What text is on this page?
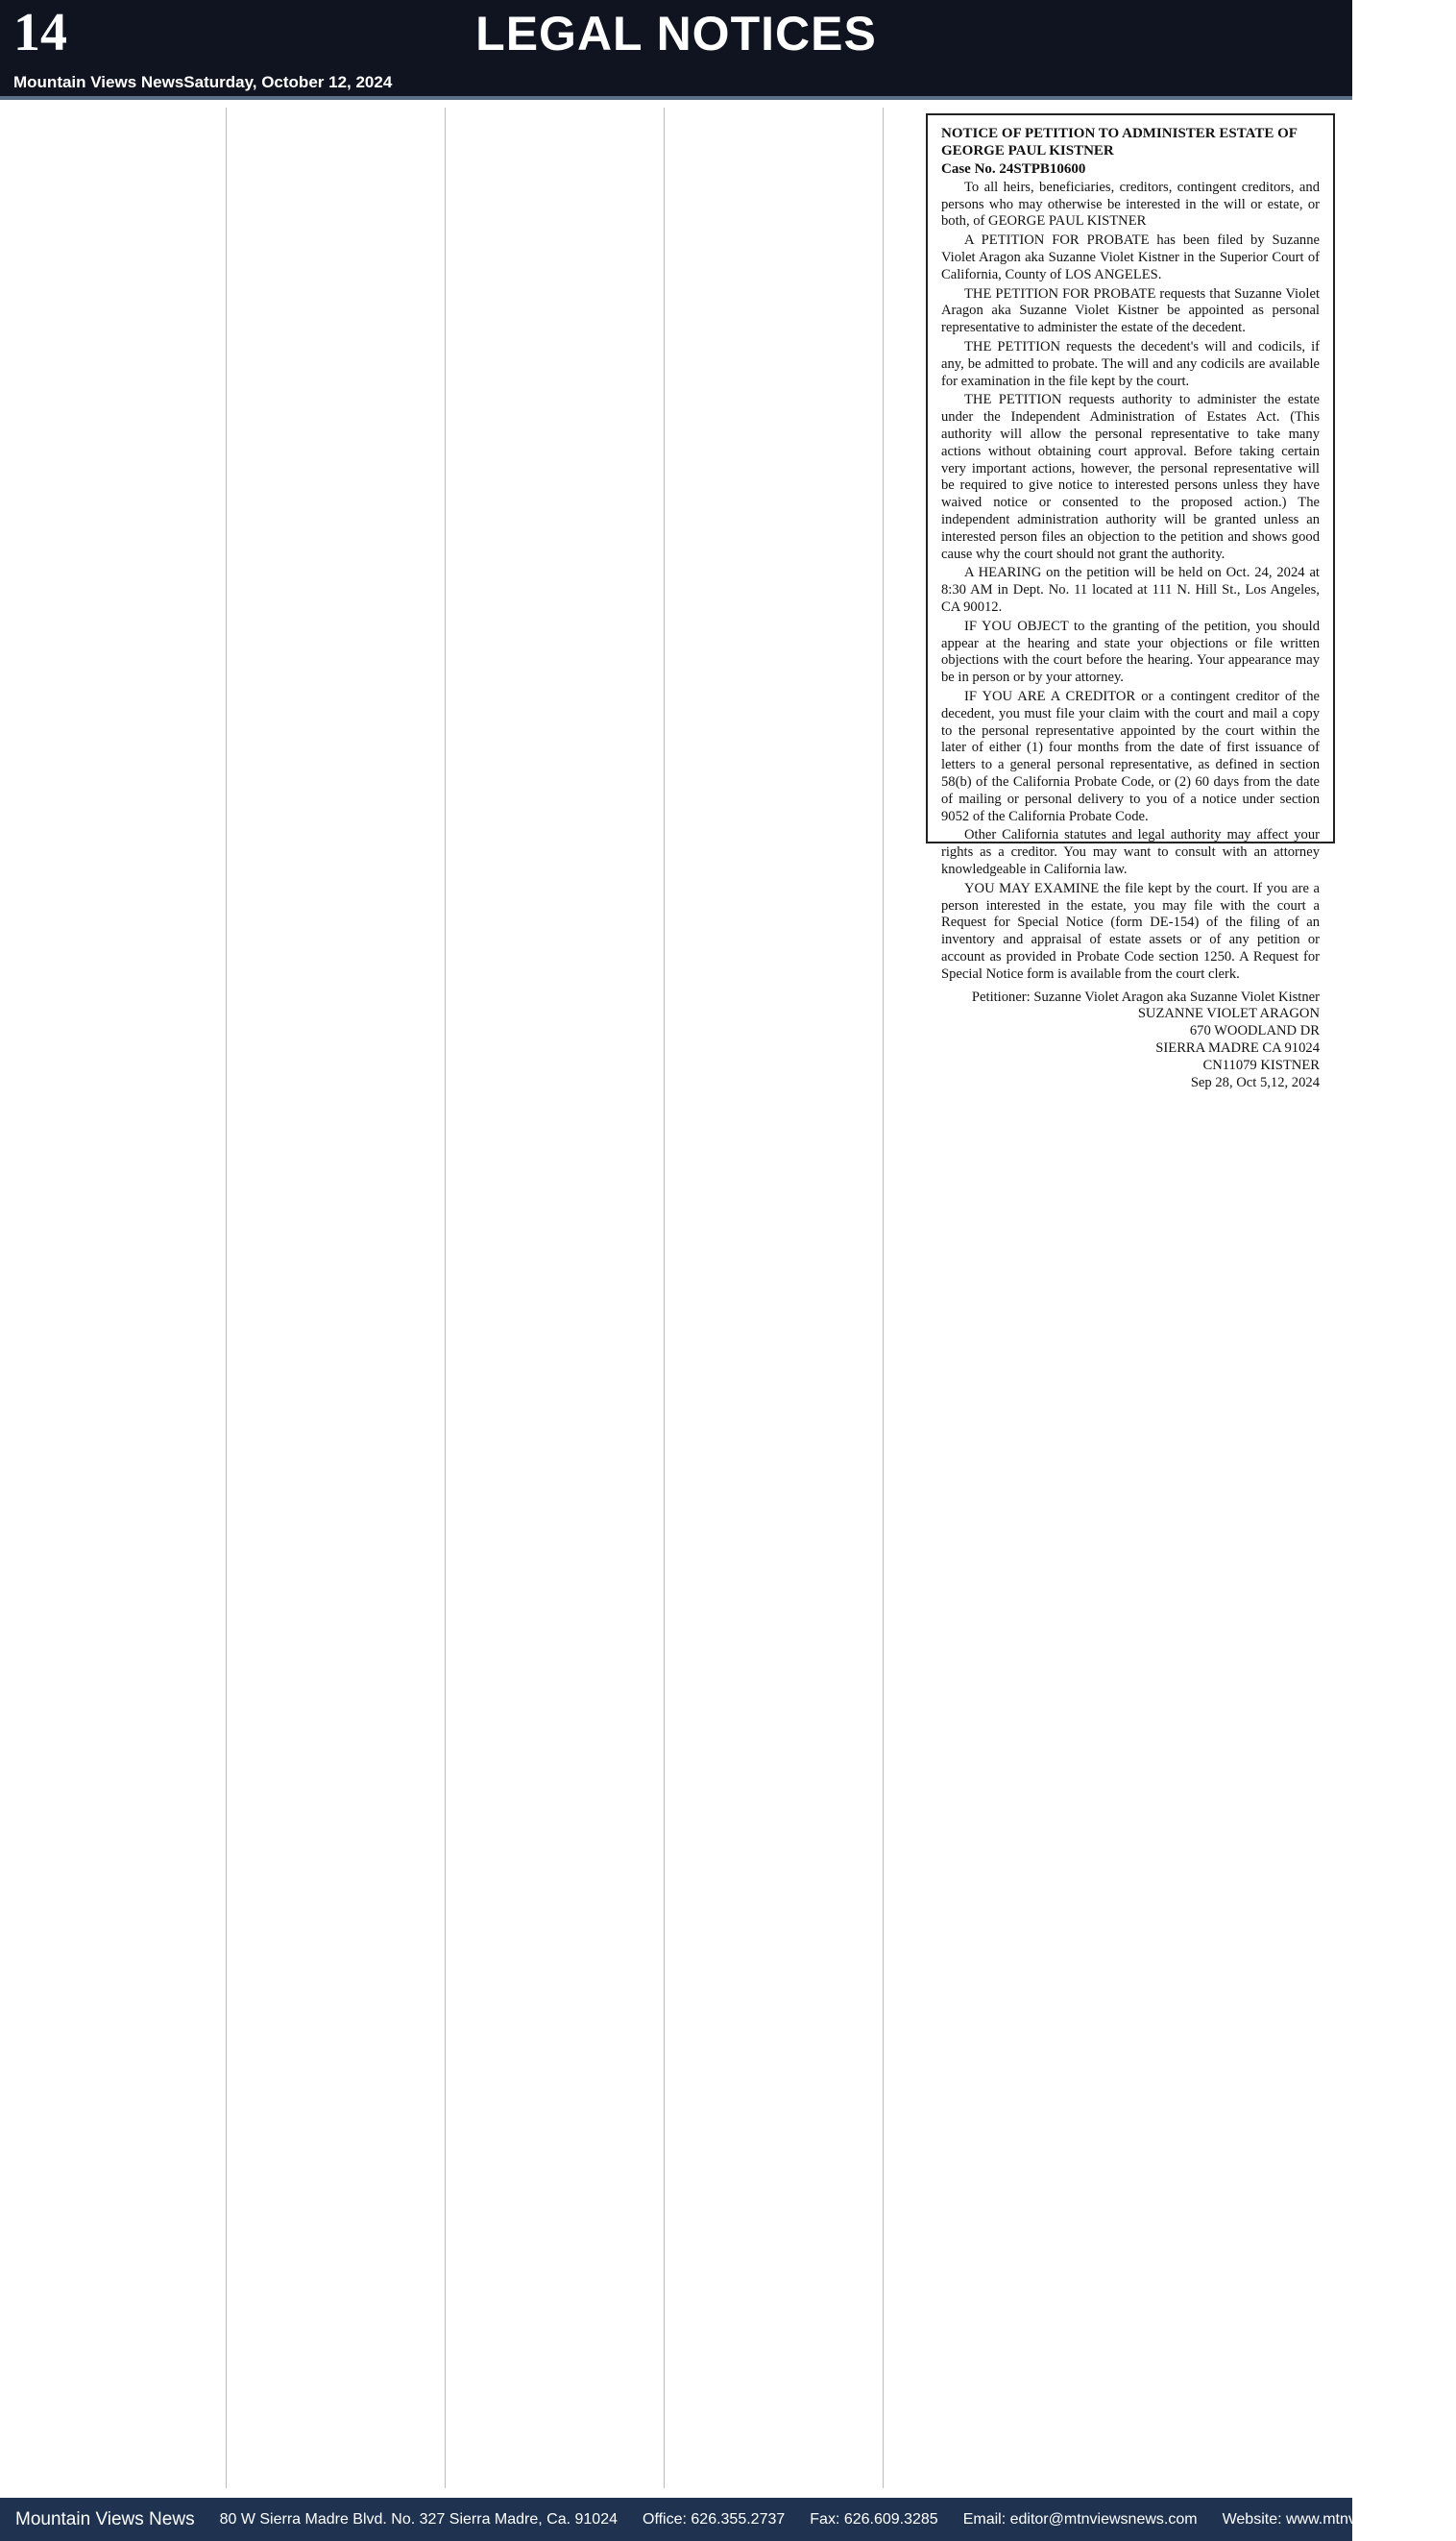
14	LEGAL NOTICES
Mountain Views NewsSaturday, October 12, 2024
NOTICE OF PETITION TO ADMINISTER ESTATE OF
GEORGE PAUL KISTNER
Case No. 24STPB10600

To all heirs, beneficiaries, creditors, contingent creditors, and persons who may otherwise be interested in the will or estate, or both, of GEORGE PAUL KISTNER

A PETITION FOR PROBATE has been filed by Suzanne Violet Aragon aka Suzanne Violet Kistner in the Superior Court of California, County of LOS ANGELES.

THE PETITION FOR PROBATE requests that Suzanne Violet Aragon aka Suzanne Violet Kistner be appointed as personal representative to administer the estate of the decedent.

THE PETITION requests the decedent's will and codicils, if any, be admitted to probate. The will and any codicils are available for examination in the file kept by the court.

THE PETITION requests authority to administer the estate under the Independent Administration of Estates Act. (This authority will allow the personal representative to take many actions without obtaining court approval. Before taking certain very important actions, however, the personal representative will be required to give notice to interested persons unless they have waived notice or consented to the proposed action.) The independent administration authority will be granted unless an interested person files an objection to the petition and shows good cause why the court should not grant the authority.

A HEARING on the petition will be held on Oct. 24, 2024 at 8:30 AM in Dept. No. 11 located at 111 N. Hill St., Los Angeles, CA 90012.

IF YOU OBJECT to the granting of the petition, you should appear at the hearing and state your objections or file written objections with the court before the hearing. Your appearance may be in person or by your attorney.

IF YOU ARE A CREDITOR or a contingent creditor of the decedent, you must file your claim with the court and mail a copy to the personal representative appointed by the court within the later of either (1) four months from the date of first issuance of letters to a general personal representative, as defined in section 58(b) of the California Probate Code, or (2) 60 days from the date of mailing or personal delivery to you of a notice under section 9052 of the California Probate Code.

Other California statutes and legal authority may affect your rights as a creditor. You may want to consult with an attorney knowledgeable in California law.

YOU MAY EXAMINE the file kept by the court. If you are a person interested in the estate, you may file with the court a Request for Special Notice (form DE-154) of the filing of an inventory and appraisal of estate assets or of any petition or account as provided in Probate Code section 1250. A Request for Special Notice form is available from the court clerk.

Petitioner: Suzanne Violet Aragon aka Suzanne Violet Kistner
SUZANNE VIOLET ARAGON
670 WOODLAND DR
SIERRA MADRE CA 91024
CN11079 KISTNER
Sep 28, Oct 5,12, 2024
Mountain Views News 80 W Sierra Madre Blvd. No. 327 Sierra Madre, Ca. 91024 Office: 626.355.2737 Fax: 626.609.3285 Email: editor@mtnviewsnews.com Website: www.mtnviewsnews.com
